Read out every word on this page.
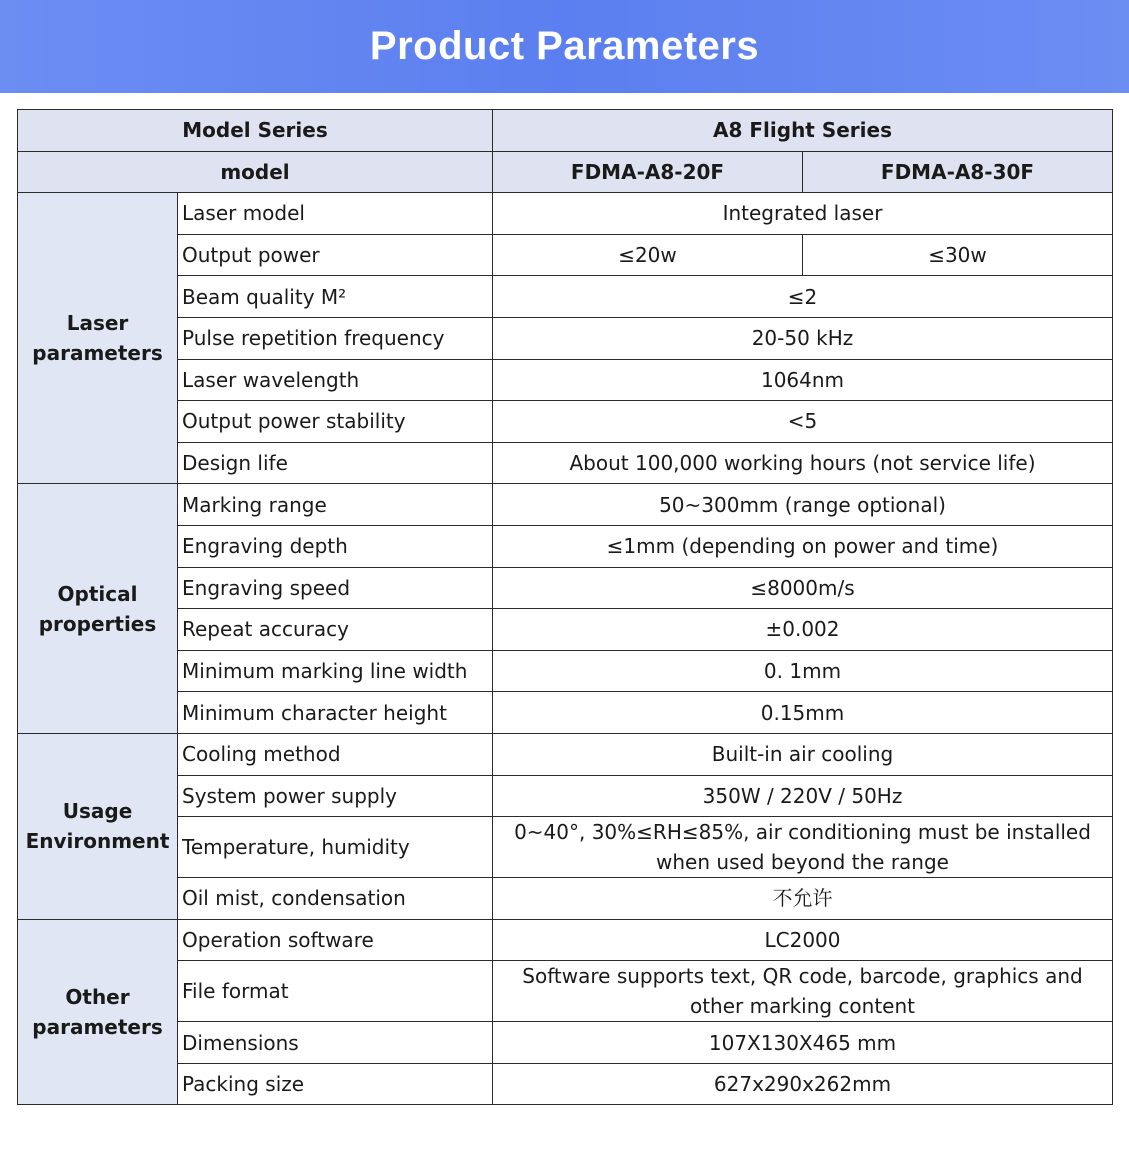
Product Parameters
Model Series		A8 Flight Series	
model		FDMA-A8-20F	FDMA-A8-30F
Laser parameters	Laser model	Integrated laser	
	Output power	≤20w	≤30w
	Beam quality M²	≤2	
	Pulse repetition frequency	20-50 kHz	
	Laser wavelength	1064nm	
	Output power stability	<5	
	Design life	About 100,000 working hours (not service life)	
Optical properties	Marking range	50~300mm (range optional)	
	Engraving depth	≤1mm (depending on power and time)	
	Engraving speed	≤8000m/s	
	Repeat accuracy	±0.002	
	Minimum marking line width	0. 1mm	
	Minimum character height	0.15mm	
Usage Environment	Cooling method	Built-in air cooling	
	System power supply	350W / 220V / 50Hz	
	Temperature, humidity	0~40°, 30%≤RH≤85%, air conditioning must be installed when used beyond the range	
	Oil mist, condensation	不允许	
Other parameters	Operation software	LC2000	
	File format	Software supports text, QR code, barcode, graphics and other marking content	
	Dimensions	107X130X465 mm	
	Packing size	627x290x262mm	
